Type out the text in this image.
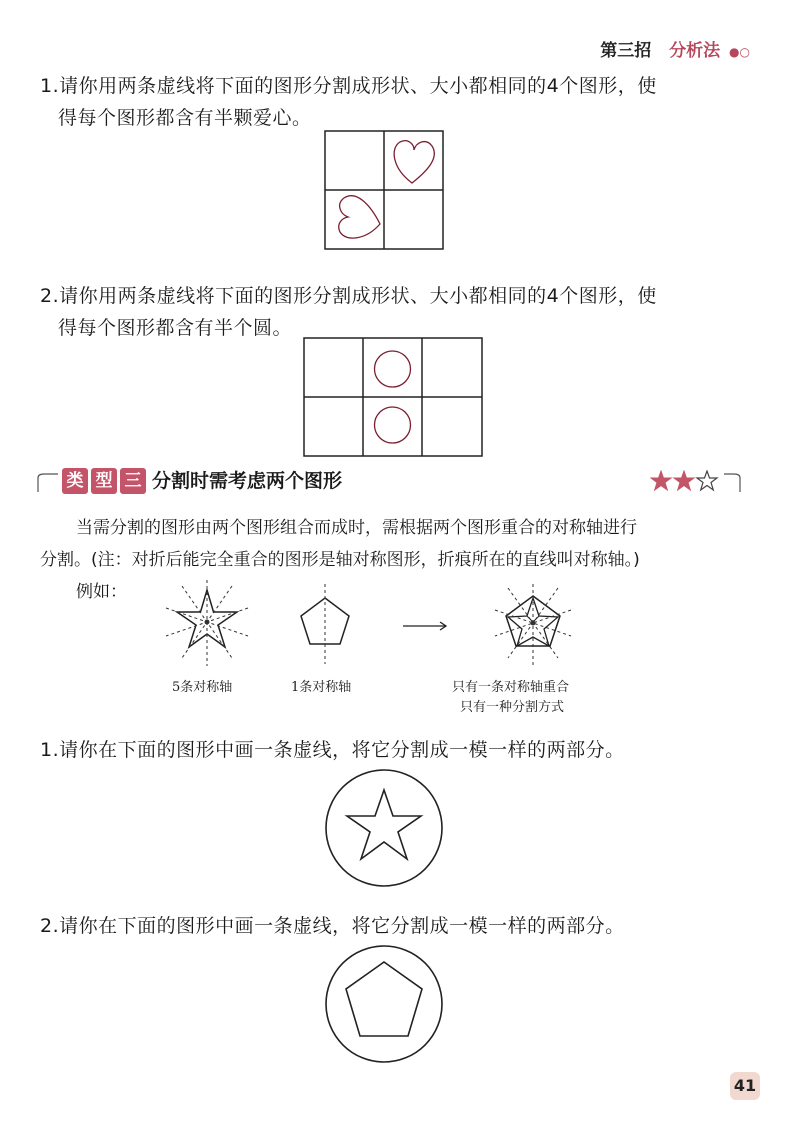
第三招 分析法 ●○
1.请你用两条虚线将下面的图形分割成形状、大小都相同的4个图形，使
得每个图形都含有半颗爱心。
2.请你用两条虚线将下面的图形分割成形状、大小都相同的4个图形，使
得每个图形都含有半个圆。
类 型 三 分割时需考虑两个图形
当需分割的图形由两个图形组合而成时，需根据两个图形重合的对称轴进行
分割。(注：对折后能完全重合的图形是轴对称图形，折痕所在的直线叫对称轴。)
例如：
5条对称轴	1条对称轴	只有一条对称轴重合
只有一种分割方式
1.请你在下面的图形中画一条虚线，将它分割成一模一样的两部分。
2.请你在下面的图形中画一条虚线，将它分割成一模一样的两部分。
41
